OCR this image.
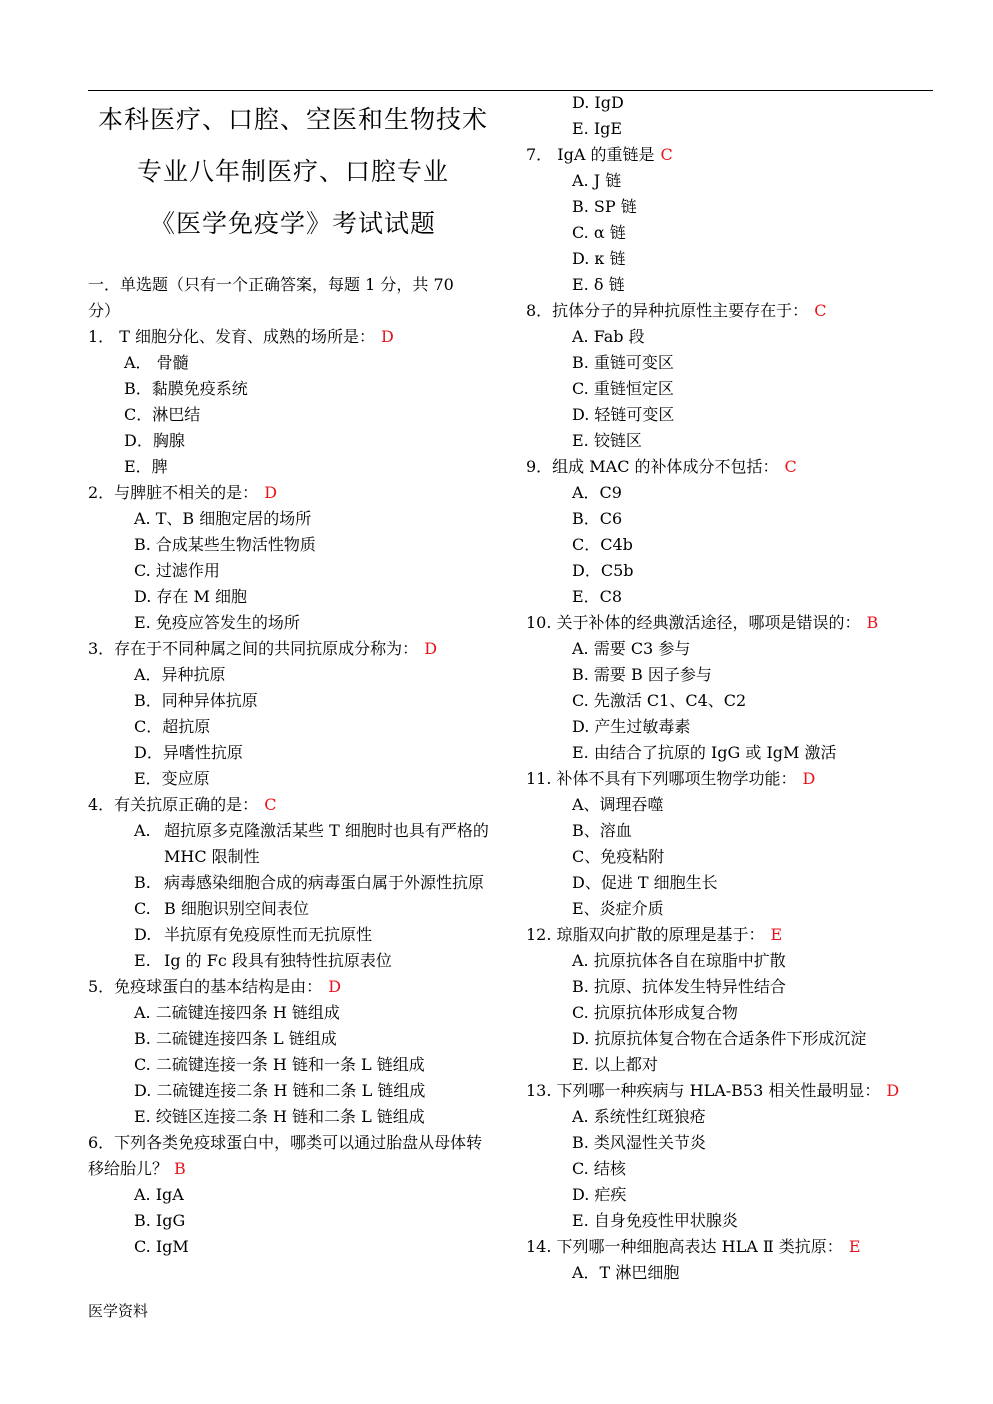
本科医疗、口腔、空医和生物技术
专业八年制医疗、口腔专业
《医学免疫学》考试试题
一．单选题（只有一个正确答案，每题 1 分，共 70
分）
1． T 细胞分化、发育、成熟的场所是： D
A． 骨髓
B．黏膜免疫系统
C．淋巴结
D．胸腺
E．脾
2．与脾脏不相关的是： D
A. T、B 细胞定居的场所
B. 合成某些生物活性物质
C. 过滤作用
D. 存在 M 细胞
E. 免疫应答发生的场所
3．存在于不同种属之间的共同抗原成分称为： D
A．异种抗原
B．同种异体抗原
C．超抗原
D．异嗜性抗原
E．变应原
4．有关抗原正确的是： C
A. 超抗原多克隆激活某些 T 细胞时也具有严格的 MHC 限制性
B. 病毒感染细胞合成的病毒蛋白属于外源性抗原
C. B 细胞识别空间表位
D. 半抗原有免疫原性而无抗原性
E. Ig 的 Fc 段具有独特性抗原表位
5．免疫球蛋白的基本结构是由： D
A. 二硫键连接四条 H 链组成
B. 二硫键连接四条 L 链组成
C. 二硫键连接一条 H 链和一条 L 链组成
D. 二硫键连接二条 H 链和二条 L 链组成
E. 绞链区连接二条 H 链和二条 L 链组成
6．下列各类免疫球蛋白中，哪类可以通过胎盘从母体转移给胎儿？ B
A. IgA
B. IgG
C. IgM
D. IgD
E. IgE
7． IgA 的重链是 C
A. J 链
B. SP 链
C. α 链
D. κ 链
E. δ 链
8．抗体分子的异种抗原性主要存在于： C
A. Fab 段
B. 重链可变区
C. 重链恒定区
D. 轻链可变区
E. 铰链区
9．组成 MAC 的补体成分不包括： C
A．C9
B．C6
C．C4b
D．C5b
E．C8
10. 关于补体的经典激活途径，哪项是错误的： B
A. 需要 C3 参与
B. 需要 B 因子参与
C. 先激活 C1、C4、C2
D. 产生过敏毒素
E. 由结合了抗原的 IgG 或 IgM 激活
11. 补体不具有下列哪项生物学功能： D
A、调理吞噬
B、溶血
C、免疫粘附
D、促进 T 细胞生长
E、炎症介质
12. 琼脂双向扩散的原理是基于： E
A. 抗原抗体各自在琼脂中扩散
B. 抗原、抗体发生特异性结合
C. 抗原抗体形成复合物
D. 抗原抗体复合物在合适条件下形成沉淀
E. 以上都对
13. 下列哪一种疾病与 HLA-B53 相关性最明显： D
A. 系统性红斑狼疮
B. 类风湿性关节炎
C. 结核
D. 疟疾
E. 自身免疫性甲状腺炎
14. 下列哪一种细胞高表达 HLA Ⅱ 类抗原： E
A．T 淋巴细胞
医学资料
